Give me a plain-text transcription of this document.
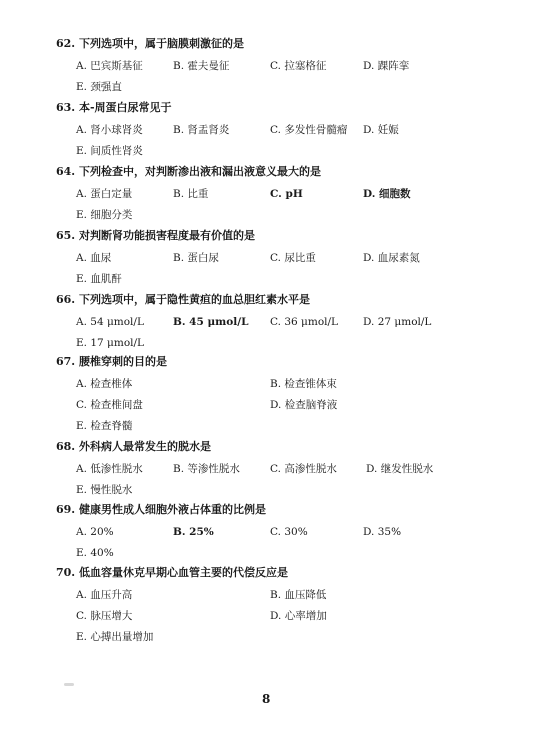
62. 下列选项中，属于脑膜刺激征的是
A. 巴宾斯基征	B. 霍夫曼征	C. 拉塞格征	D. 踝阵挛
E. 颈强直
63. 本-周蛋白尿常见于
A. 肾小球肾炎	B. 肾盂肾炎	C. 多发性骨髓瘤 D. 妊娠
E. 间质性肾炎
64. 下列检查中，对判断渗出液和漏出液意义最大的是
A. 蛋白定量	B. 比重	C. pH	D. 细胞数
E. 细胞分类
65. 对判断肾功能损害程度最有价值的是
A. 血尿	B. 蛋白尿	C. 尿比重	D. 血尿素氮
E. 血肌酐
66. 下列选项中，属于隐性黄疸的血总胆红素水平是
A. 54 μmol/L	B. 45 μmol/L C. 36 μmol/L D. 27 μmol/L
E. 17 μmol/L
67. 腰椎穿刺的目的是
A. 检查椎体	B. 检查锥体束
C. 检查椎间盘	D. 检查脑脊液
E. 检查脊髓
68. 外科病人最常发生的脱水是
A. 低渗性脱水	B. 等渗性脱水	C. 高渗性脱水	D. 继发性脱水
E. 慢性脱水
69. 健康男性成人细胞外液占体重的比例是
A. 20%	B. 25%	C. 30%	D. 35%
E. 40%
70. 低血容量休克早期心血管主要的代偿反应是
A. 血压升高	B. 血压降低
C. 脉压增大	D. 心率增加
E. 心搏出量增加
8
